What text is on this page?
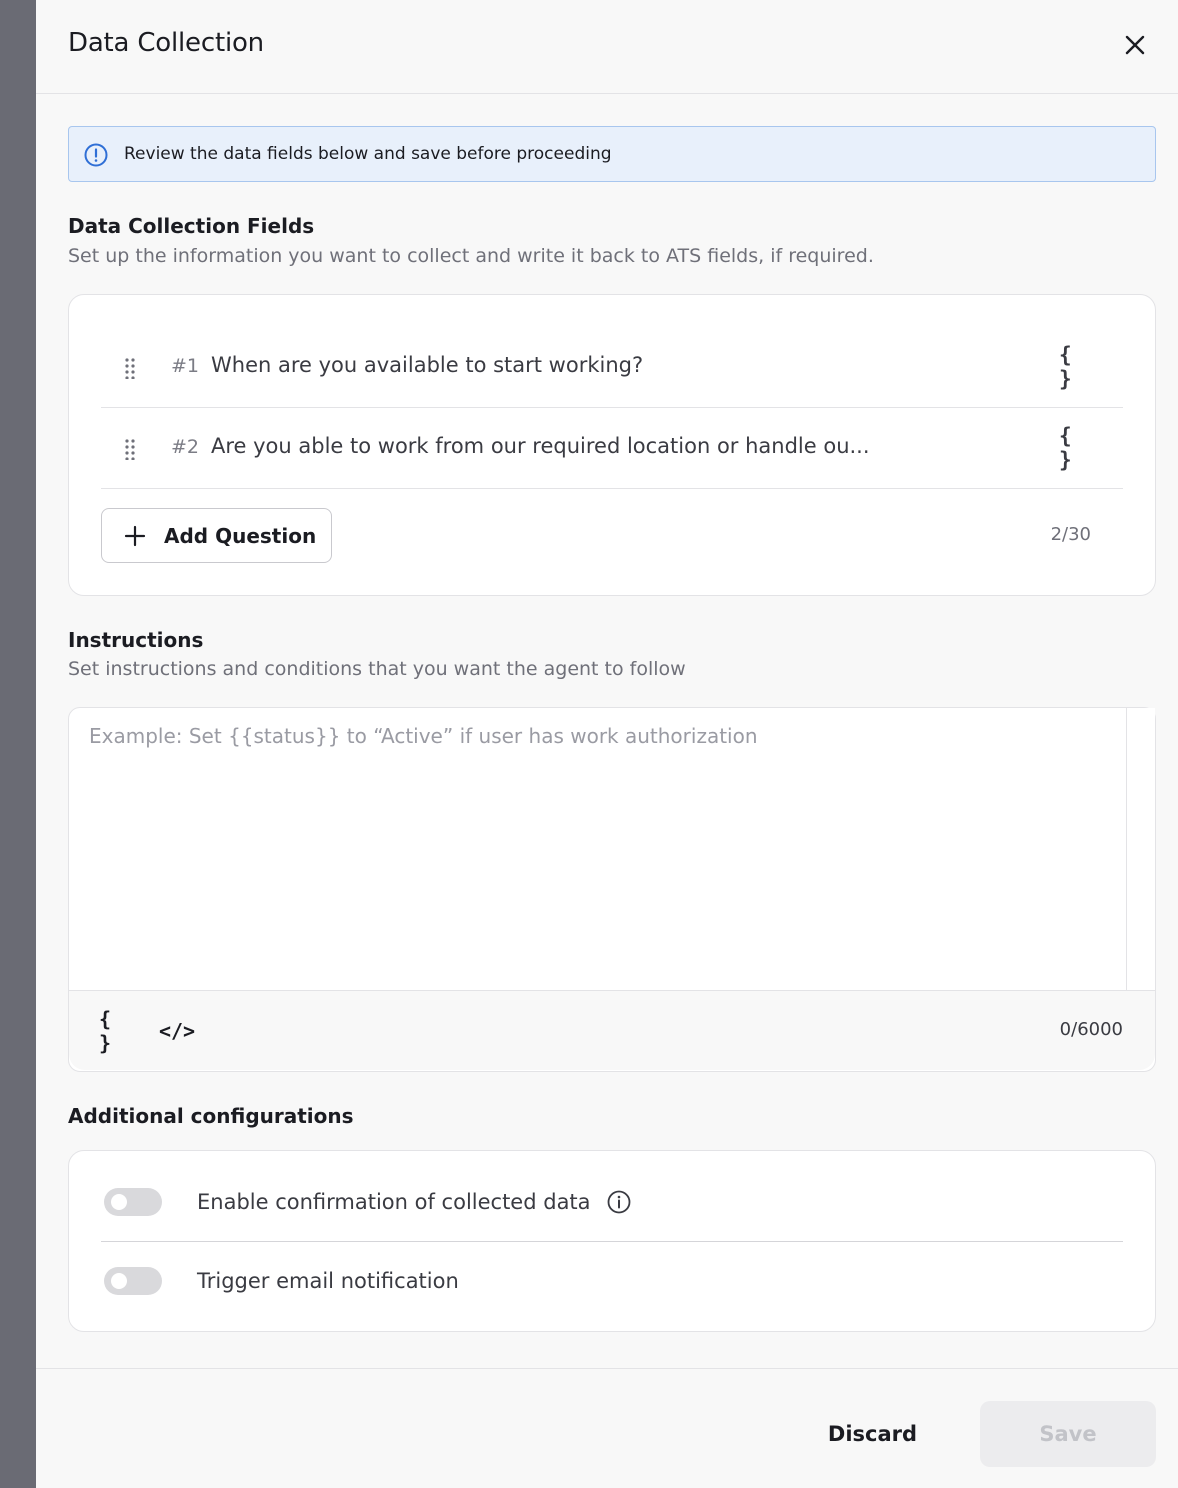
Data Collection
Review the data fields below and save before proceeding
Data Collection Fields
Set up the information you want to collect and write it back to ATS fields, if required.
#1 When are you available to start working?	{ }
#2 Are you able to work from our required location or handle ou...	{ }
Add Question	2/30
Instructions
Set instructions and conditions that you want the agent to follow
Example: Set {{status}} to “Active” if user has work authorization
{ }	</>	0/6000
Additional configurations
Enable confirmation of collected data
Trigger email notification
Discard	Save
